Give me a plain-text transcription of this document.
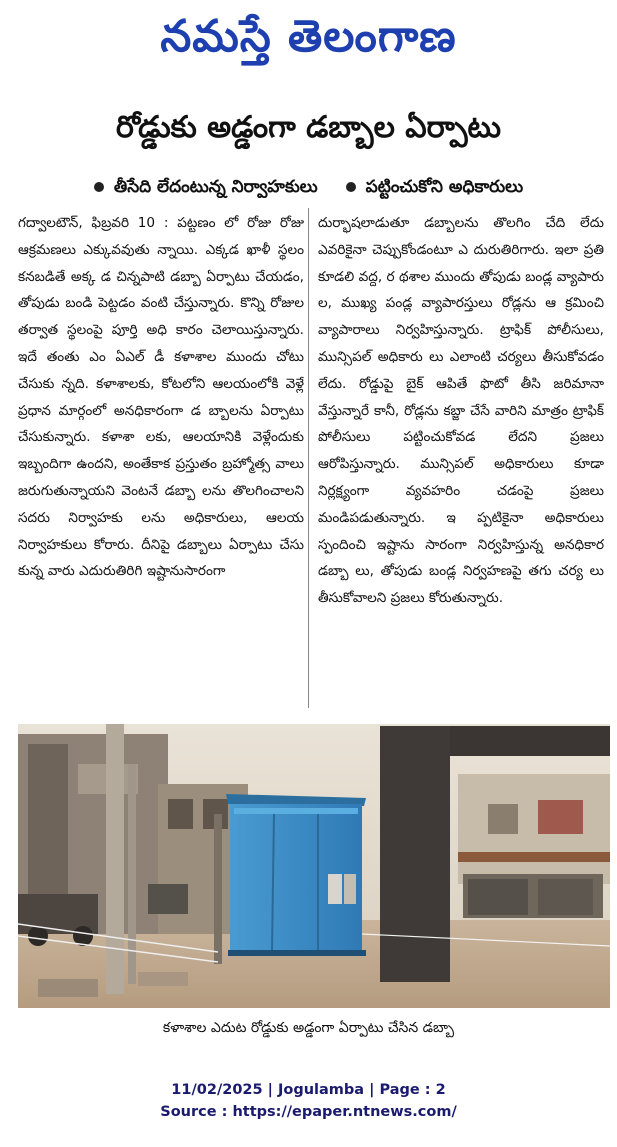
నమస్తే తెలంగాణ
రోడ్డుకు అడ్డంగా డబ్బాల ఏర్పాటు
తీసేది లేదంటున్న నిర్వాహకులు	పట్టించుకోని అధికారులు
గద్వాలటౌన్, ఫిబ్రవరి 10 : పట్టణం లో రోజు రోజు ఆక్రమణలు ఎక్కువవుతు న్నాయి. ఎక్కడ ఖాళీ స్థలం కనబడితే అక్క డ చిన్నపాటి డబ్బా ఏర్పాటు చేయడం, తోపుడు బండి పెట్టడం వంటి చేస్తున్నారు. కొన్ని రోజుల తర్వాత స్థలంపై పూర్తి అధి కారం చెలాయిస్తున్నారు. ఇదే తంతు ఎం ఏఎల్ డీ కళాశాల ముందు చోటు చేసుకు న్నది. కళాశాలకు, కోటలోని ఆలయంలోకి వెళ్లే ప్రధాన మార్గంలో అనధికారంగా డ బ్బాలను ఏర్పాటు చేసుకున్నారు. కళాశా లకు, ఆలయానికి వెళ్లేందుకు ఇబ్బందిగా ఉందని, అంతేకాక ప్రస్తుతం బ్రహ్మోత్స వాలు జరుగుతున్నాయని వెంటనే డబ్బా లను తొలగించాలని సదరు నిర్వాహకు లను అధికారులు, ఆలయ నిర్వాహకులు కోరారు. దీనిపై డబ్బాలు ఏర్పాటు చేసు కున్న వారు ఎదురుతిరిగి ఇష్టానుసారంగా
దుర్భాషలాడుతూ డబ్బాలను తొలగిం చేది లేదు ఎవరికైనా చెప్పుకోండంటూ ఎ దురుతిరిగారు. ఇలా ప్రతి కూడలి వద్ద, ర థశాల ముందు తోపుడు బండ్ల వ్యాపారు ల, ముఖ్య పండ్ల వ్యాపారస్తులు రోడ్లను ఆ క్రమించి వ్యాపారాలు నిర్వహిస్తున్నారు. ట్రాఫిక్ పోలీసులు, మున్సిపల్ అధికారు లు ఎలాంటి చర్యలు తీసుకోవడం లేదు. రోడ్డుపై బైక్ ఆపితే ఫొటో తీసి జరిమానా వేస్తున్నారే కానీ, రోడ్లను కబ్జా చేసే వారిని మాత్రం ట్రాఫిక్ పోలీసులు పట్టించుకోవడ లేదని ప్రజలు ఆరోపిస్తున్నారు. మున్సిపల్ అధికారులు కూడా నిర్లక్ష్యంగా వ్యవహరిం చడంపై ప్రజలు మండిపడుతున్నారు. ఇ ప్పటికైనా అధికారులు స్పందించి ఇష్టాను సారంగా నిర్వహిస్తున్న అనధికార డబ్బా లు, తోపుడు బండ్ల నిర్వహణపై తగు చర్య లు తీసుకోవాలని ప్రజలు కోరుతున్నారు.
కళాశాల ఎదుట రోడ్డుకు అడ్డంగా ఏర్పాటు చేసిన డబ్బా
11/02/2025 | Jogulamba | Page : 2
Source : https://epaper.ntnews.com/
